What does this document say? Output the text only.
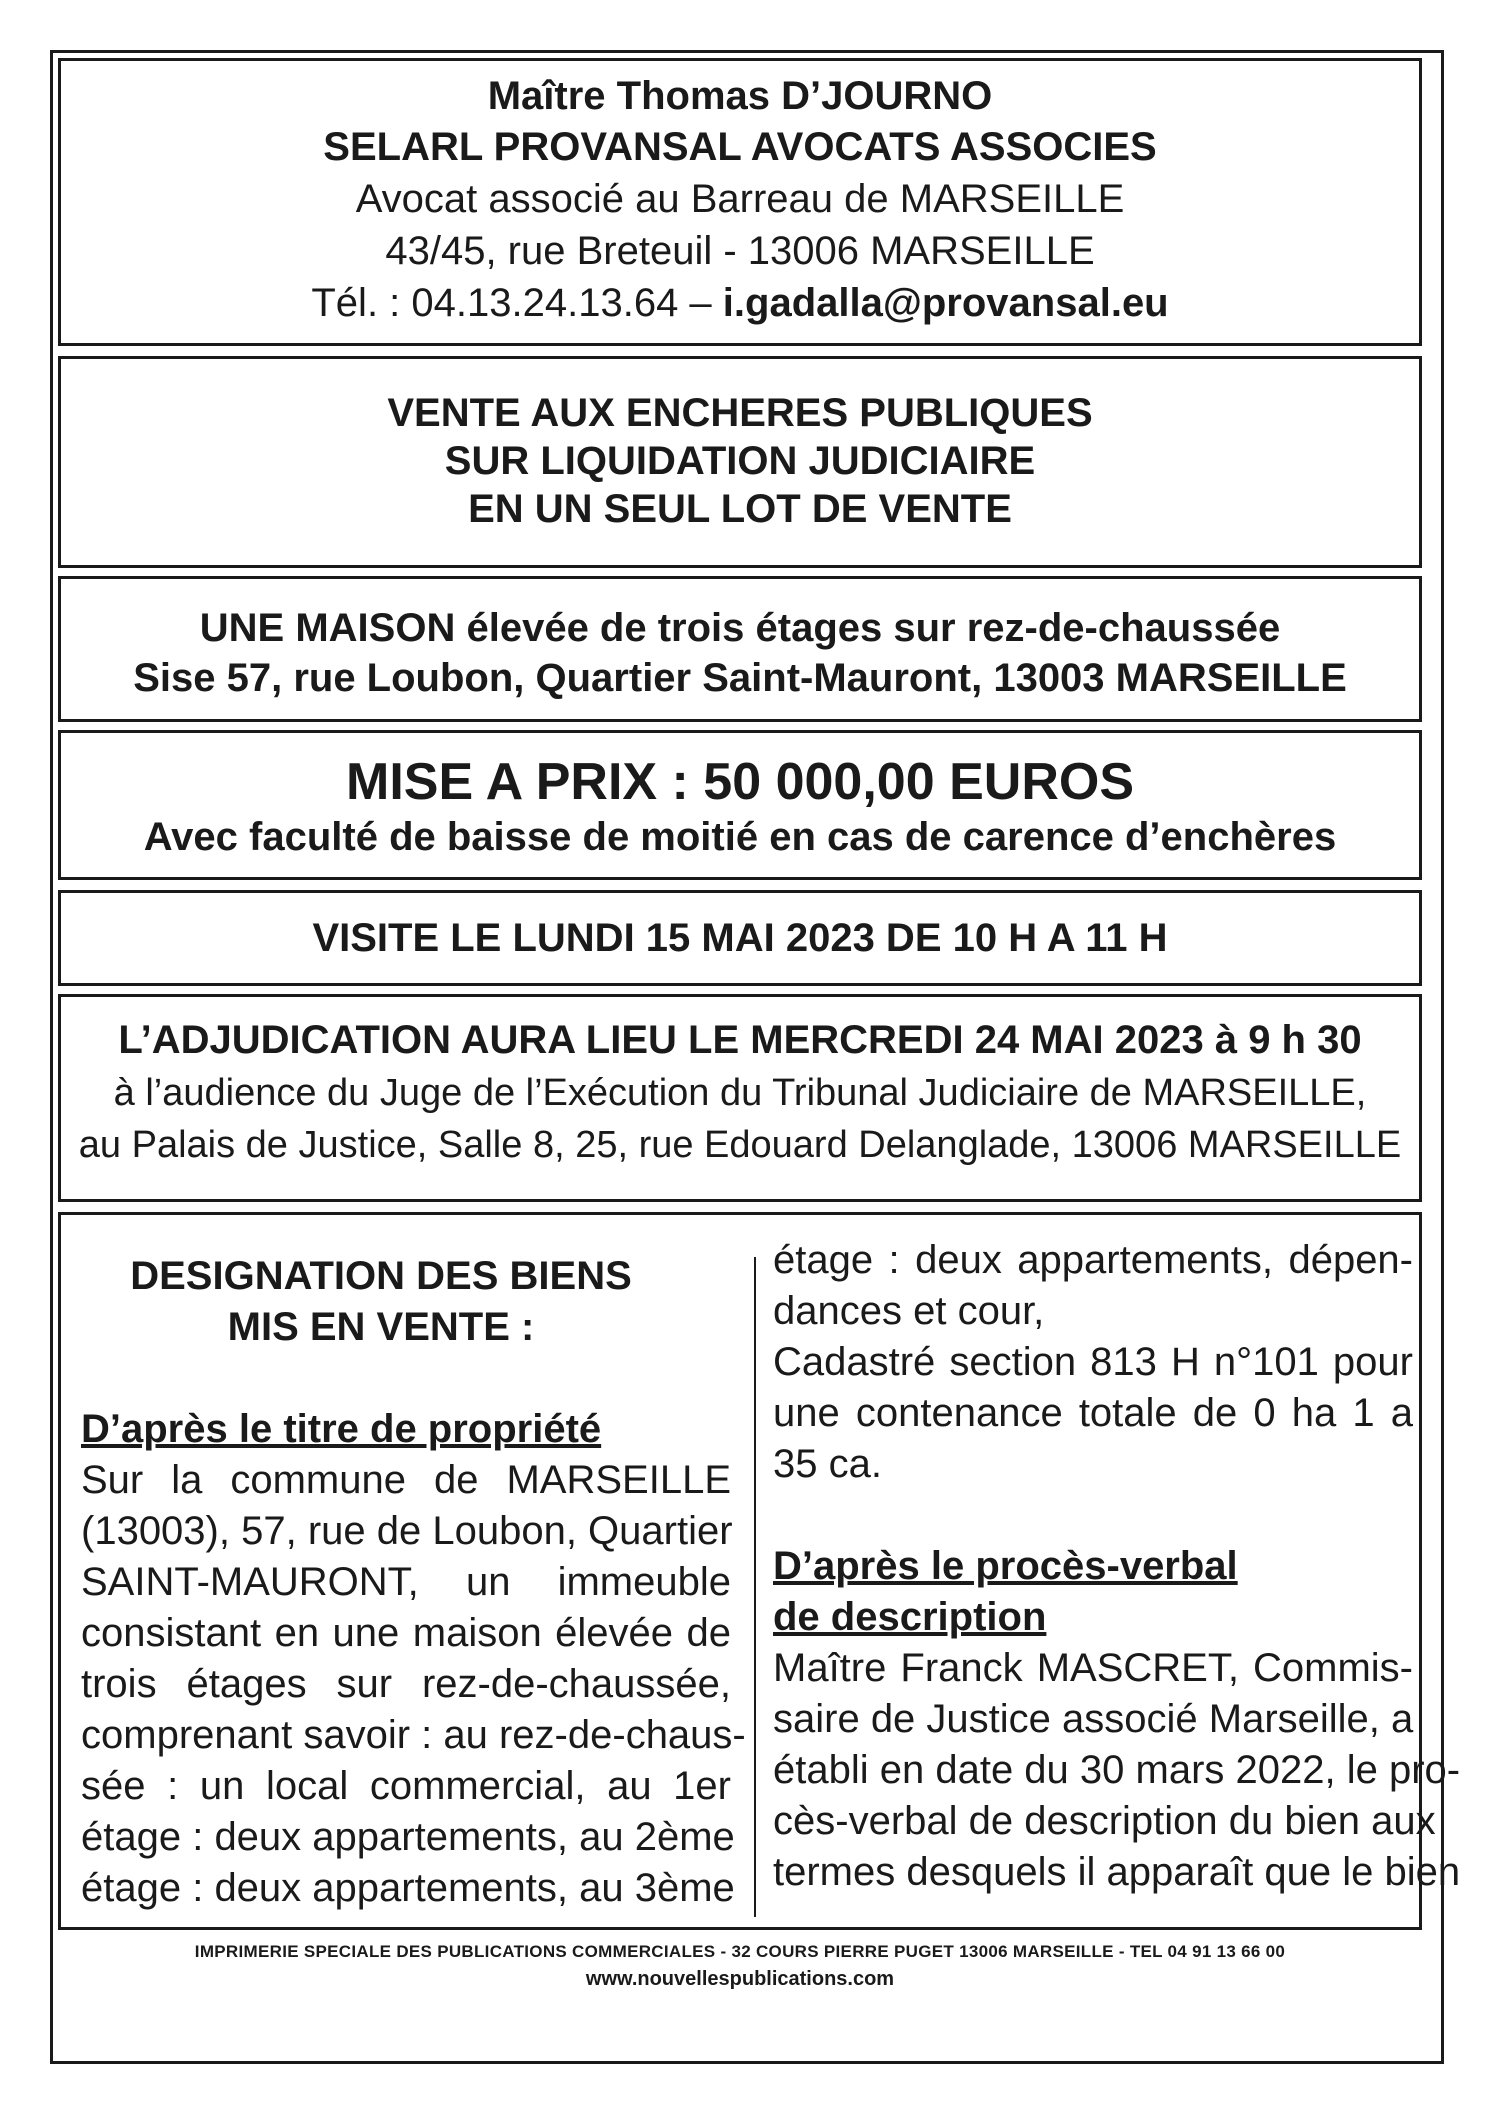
Maître Thomas D’JOURNO
SELARL PROVANSAL AVOCATS ASSOCIES
Avocat associé au Barreau de MARSEILLE
43/45, rue Breteuil - 13006 MARSEILLE
Tél. : 04.13.24.13.64 – i.gadalla@provansal.eu
VENTE AUX ENCHERES PUBLIQUES
SUR LIQUIDATION JUDICIAIRE
EN UN SEUL LOT DE VENTE
UNE MAISON élevée de trois étages sur rez-de-chaussée
Sise 57, rue Loubon, Quartier Saint-Mauront, 13003 MARSEILLE
MISE A PRIX : 50 000,00 EUROS
Avec faculté de baisse de moitié en cas de carence d’enchères
VISITE LE LUNDI 15 MAI 2023 DE 10 H A 11 H
L’ADJUDICATION AURA LIEU LE MERCREDI 24 MAI 2023 à 9 h 30
à l’audience du Juge de l’Exécution du Tribunal Judiciaire de MARSEILLE,
au Palais de Justice, Salle 8, 25, rue Edouard Delanglade, 13006 MARSEILLE
DESIGNATION DES BIENS
MIS EN VENTE :
D’après le titre de propriété
Sur la commune de MARSEILLE
(13003), 57, rue de Loubon, Quartier
SAINT-MAURONT, un immeuble
consistant en une maison élevée de
trois étages sur rez-de-chaussée,
comprenant savoir : au rez-de-chaus-
sée : un local commercial, au 1er
étage : deux appartements, au 2ème
étage : deux appartements, au 3ème
étage : deux appartements, dépen-
dances et cour,
Cadastré section 813 H n°101 pour
une contenance totale de 0 ha 1 a
35 ca.
D’après le procès-verbal
de description
Maître Franck MASCRET, Commis-
saire de Justice associé Marseille, a
établi en date du 30 mars 2022, le pro-
cès-verbal de description du bien aux
termes desquels il apparaît que le bien
IMPRIMERIE SPECIALE DES PUBLICATIONS COMMERCIALES - 32 COURS PIERRE PUGET 13006 MARSEILLE - TEL 04 91 13 66 00
www.nouvellespublications.com
